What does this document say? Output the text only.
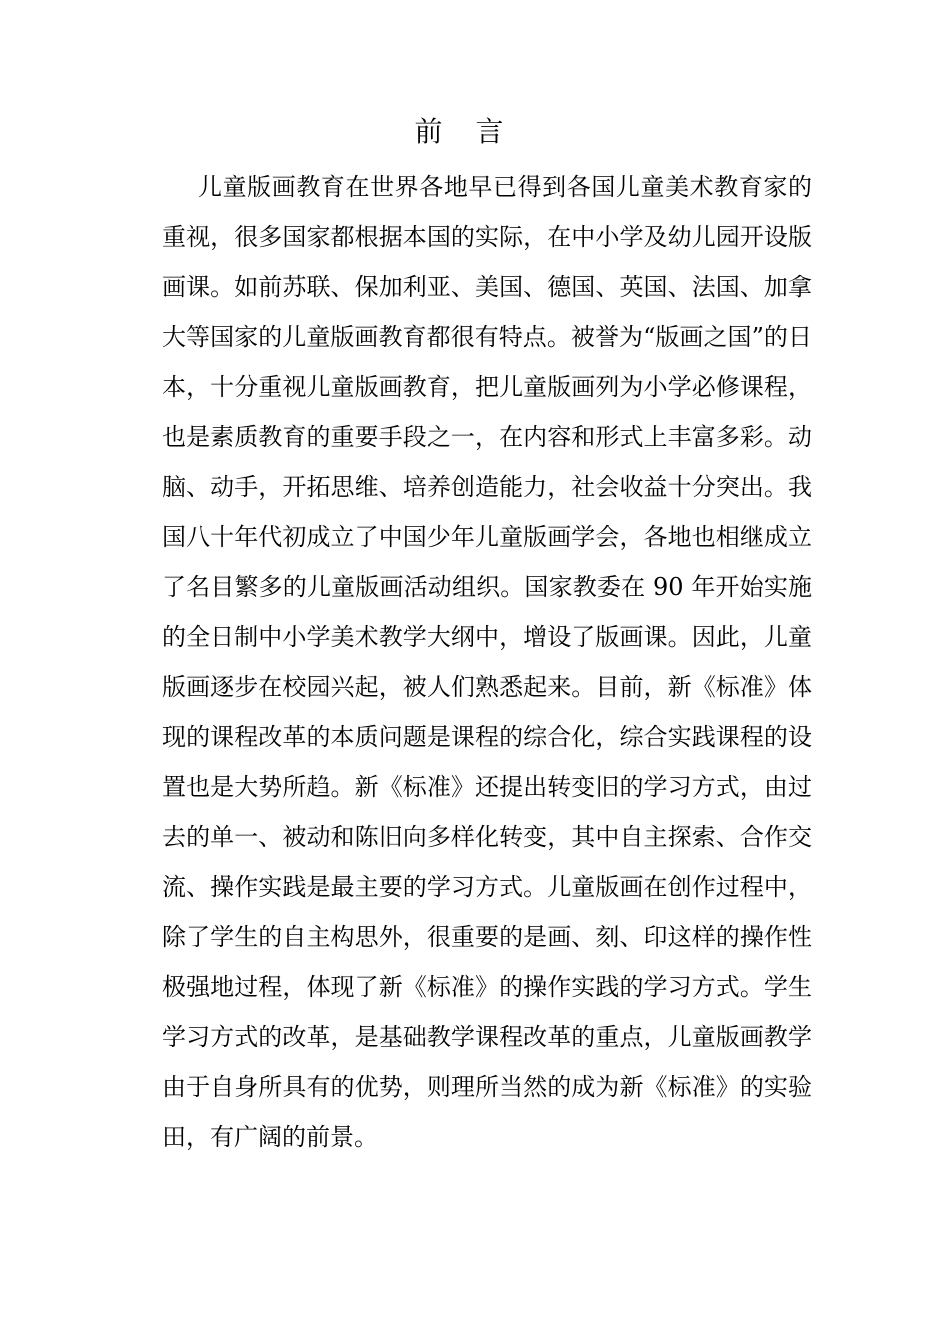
前 言
儿童版画教育在世界各地早已得到各国儿童美术教育家的
重视，很多国家都根据本国的实际，在中小学及幼儿园开设版
画课。如前苏联、保加利亚、美国、德国、英国、法国、加拿
大等国家的儿童版画教育都很有特点。被誉为“版画之国”的日
本，十分重视儿童版画教育，把儿童版画列为小学必修课程，
也是素质教育的重要手段之一，在内容和形式上丰富多彩。动
脑、动手，开拓思维、培养创造能力，社会收益十分突出。我
国八十年代初成立了中国少年儿童版画学会，各地也相继成立
了名目繁多的儿童版画活动组织。国家教委在 90 年开始实施
的全日制中小学美术教学大纲中，增设了版画课。因此，儿童
版画逐步在校园兴起，被人们熟悉起来。目前，新《标准》体
现的课程改革的本质问题是课程的综合化，综合实践课程的设
置也是大势所趋。新《标准》还提出转变旧的学习方式，由过
去的单一、被动和陈旧向多样化转变，其中自主探索、合作交
流、操作实践是最主要的学习方式。儿童版画在创作过程中，
除了学生的自主构思外，很重要的是画、刻、印这样的操作性
极强地过程，体现了新《标准》的操作实践的学习方式。学生
学习方式的改革，是基础教学课程改革的重点，儿童版画教学
由于自身所具有的优势，则理所当然的成为新《标准》的实验
田，有广阔的前景。
